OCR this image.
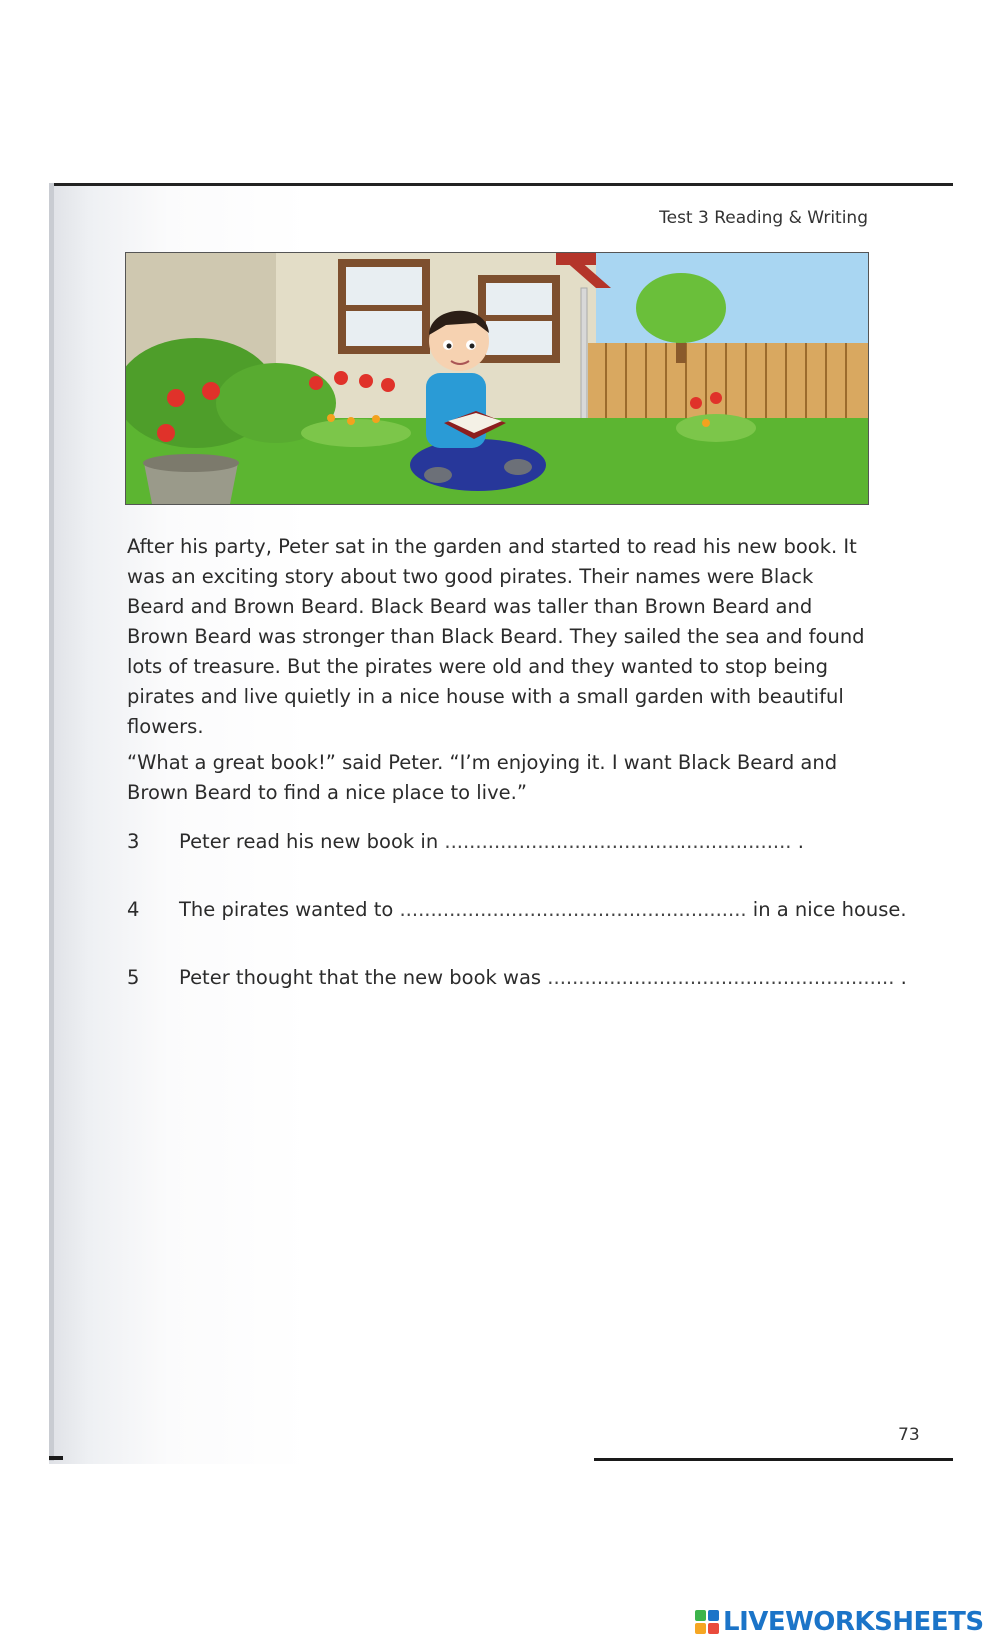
Test 3 Reading & Writing

After his party, Peter sat in the garden and started to read his new book. It was an exciting story about two good pirates. Their names were Black Beard and Brown Beard. Black Beard was taller than Brown Beard and Brown Beard was stronger than Black Beard. They sailed the sea and found lots of treasure. But the pirates were old and they wanted to stop being pirates and live quietly in a nice house with a small garden with beautiful flowers.

“What a great book!” said Peter. “I’m enjoying it. I want Black Beard and Brown Beard to find a nice place to live.”

3 Peter read his new book in ........................................................ .
4 The pirates wanted to ........................................................ in a nice house.
5 Peter thought that the new book was ........................................................ .
73
LIVEWORKSHEETS
